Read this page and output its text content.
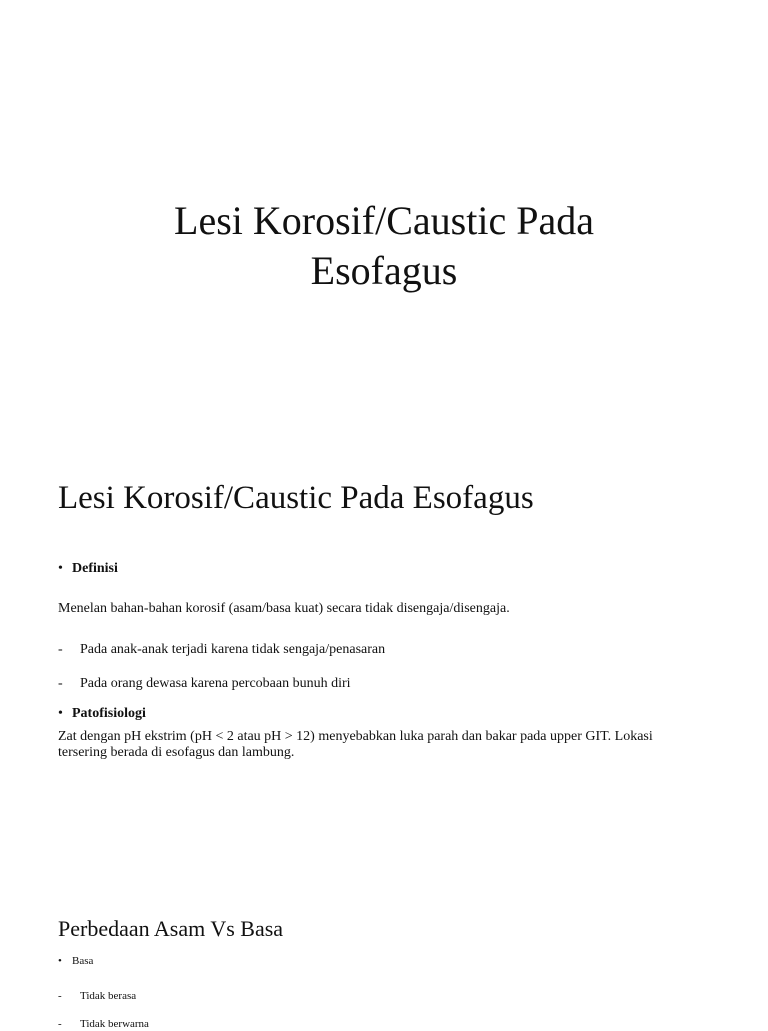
Lesi Korosif/Caustic Pada
Esofagus
Lesi Korosif/Caustic Pada Esofagus
• Definisi
Menelan bahan-bahan korosif (asam/basa kuat) secara tidak disengaja/disengaja.
- Pada anak-anak terjadi karena tidak sengaja/penasaran
- Pada orang dewasa karena percobaan bunuh diri
• Patofisiologi
Zat dengan pH ekstrim (pH < 2 atau pH > 12) menyebabkan luka parah dan bakar pada upper GIT. Lokasi
tersering berada di esofagus dan lambung.
Perbedaan Asam Vs Basa
• Basa
- Tidak berasa
- Tidak berwarna
